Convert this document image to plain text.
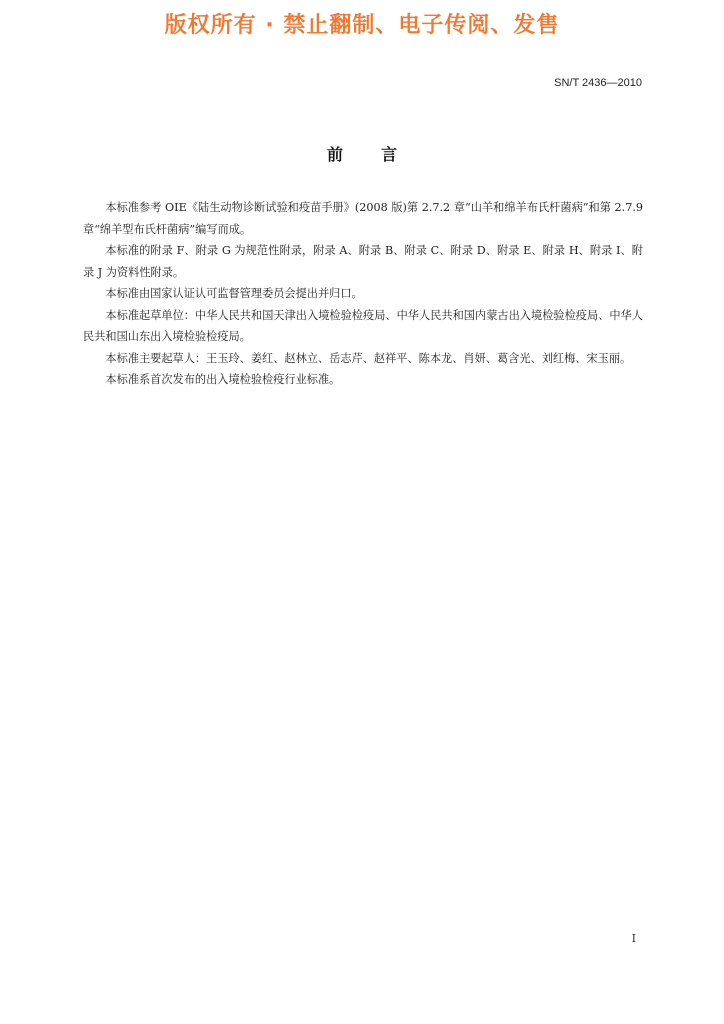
版权所有 · 禁止翻制、电子传阅、发售
SN/T 2436—2010
前言

本标准参考 OIE《陆生动物诊断试验和疫苗手册》(2008 版)第 2.7.2 章“山羊和绵羊布氏杆菌病”和第 2.7.9 章“绵羊型布氏杆菌病”编写而成。

本标准的附录 F、附录 G 为规范性附录，附录 A、附录 B、附录 C、附录 D、附录 E、附录 H、附录 I、附录 J 为资料性附录。

本标准由国家认证认可监督管理委员会提出并归口。

本标准起草单位：中华人民共和国天津出入境检验检疫局、中华人民共和国内蒙古出入境检验检疫局、中华人民共和国山东出入境检验检疫局。

本标准主要起草人：王玉玲、姜红、赵林立、岳志芹、赵祥平、陈本龙、肖妍、葛含光、刘红梅、宋玉丽。

本标准系首次发布的出入境检验检疫行业标准。

I
